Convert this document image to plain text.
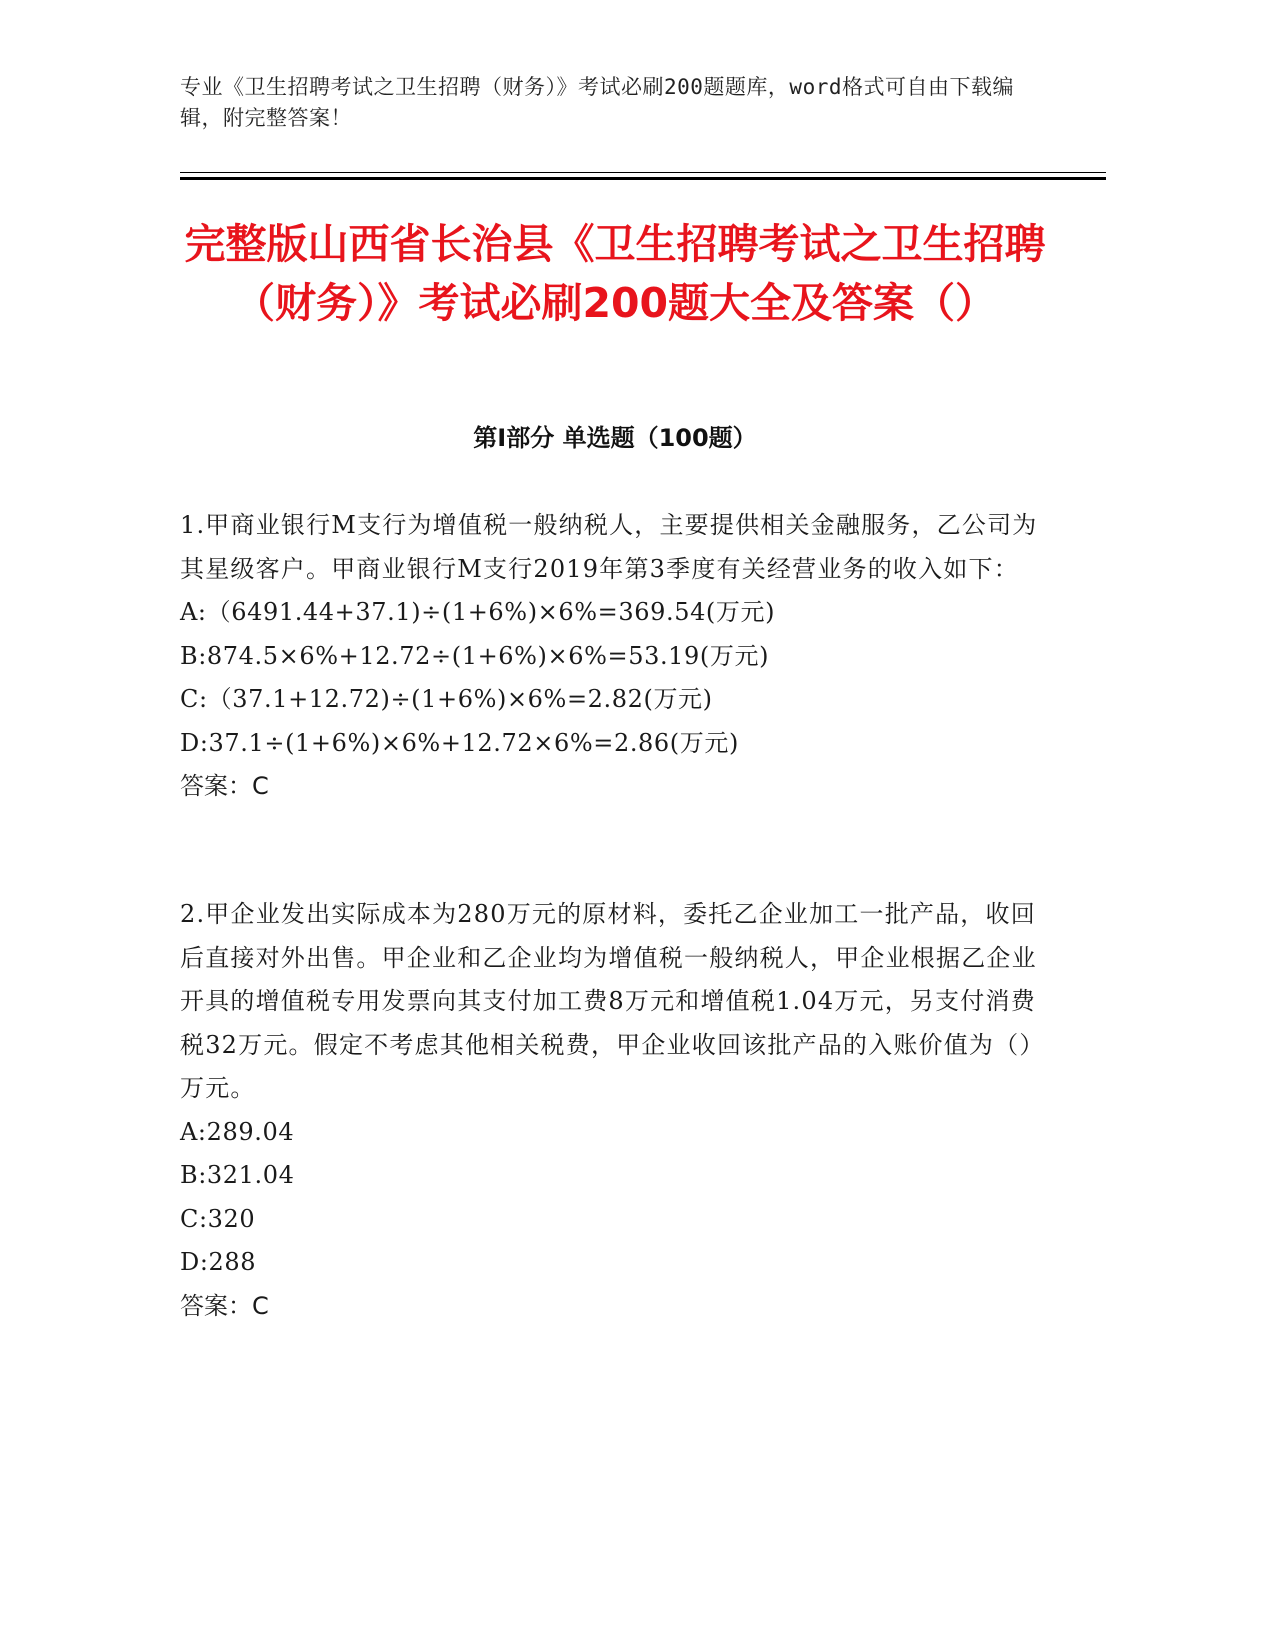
专业《卫生招聘考试之卫生招聘（财务）》考试必刷200题题库，word格式可自由下载编辑，附完整答案！
完整版山西省长治县《卫生招聘考试之卫生招聘（财务）》考试必刷200题大全及答案（）
第I部分 单选题（100题）

1.甲商业银行M支行为增值税一般纳税人，主要提供相关金融服务，乙公司为其星级客户。甲商业银行M支行2019年第3季度有关经营业务的收入如下：

A:（6491.44+37.1)÷(1+6%)×6%=369.54(万元)

B:874.5×6%+12.72÷(1+6%)×6%=53.19(万元)

C:（37.1+12.72)÷(1+6%)×6%=2.82(万元)

D:37.1÷(1+6%)×6%+12.72×6%=2.86(万元)

答案：C

2.甲企业发出实际成本为280万元的原材料，委托乙企业加工一批产品，收回后直接对外出售。甲企业和乙企业均为增值税一般纳税人，甲企业根据乙企业开具的增值税专用发票向其支付加工费8万元和增值税1.04万元，另支付消费税32万元。假定不考虑其他相关税费，甲企业收回该批产品的入账价值为（）万元。

A:289.04

B:321.04

C:320

D:288

答案：C
